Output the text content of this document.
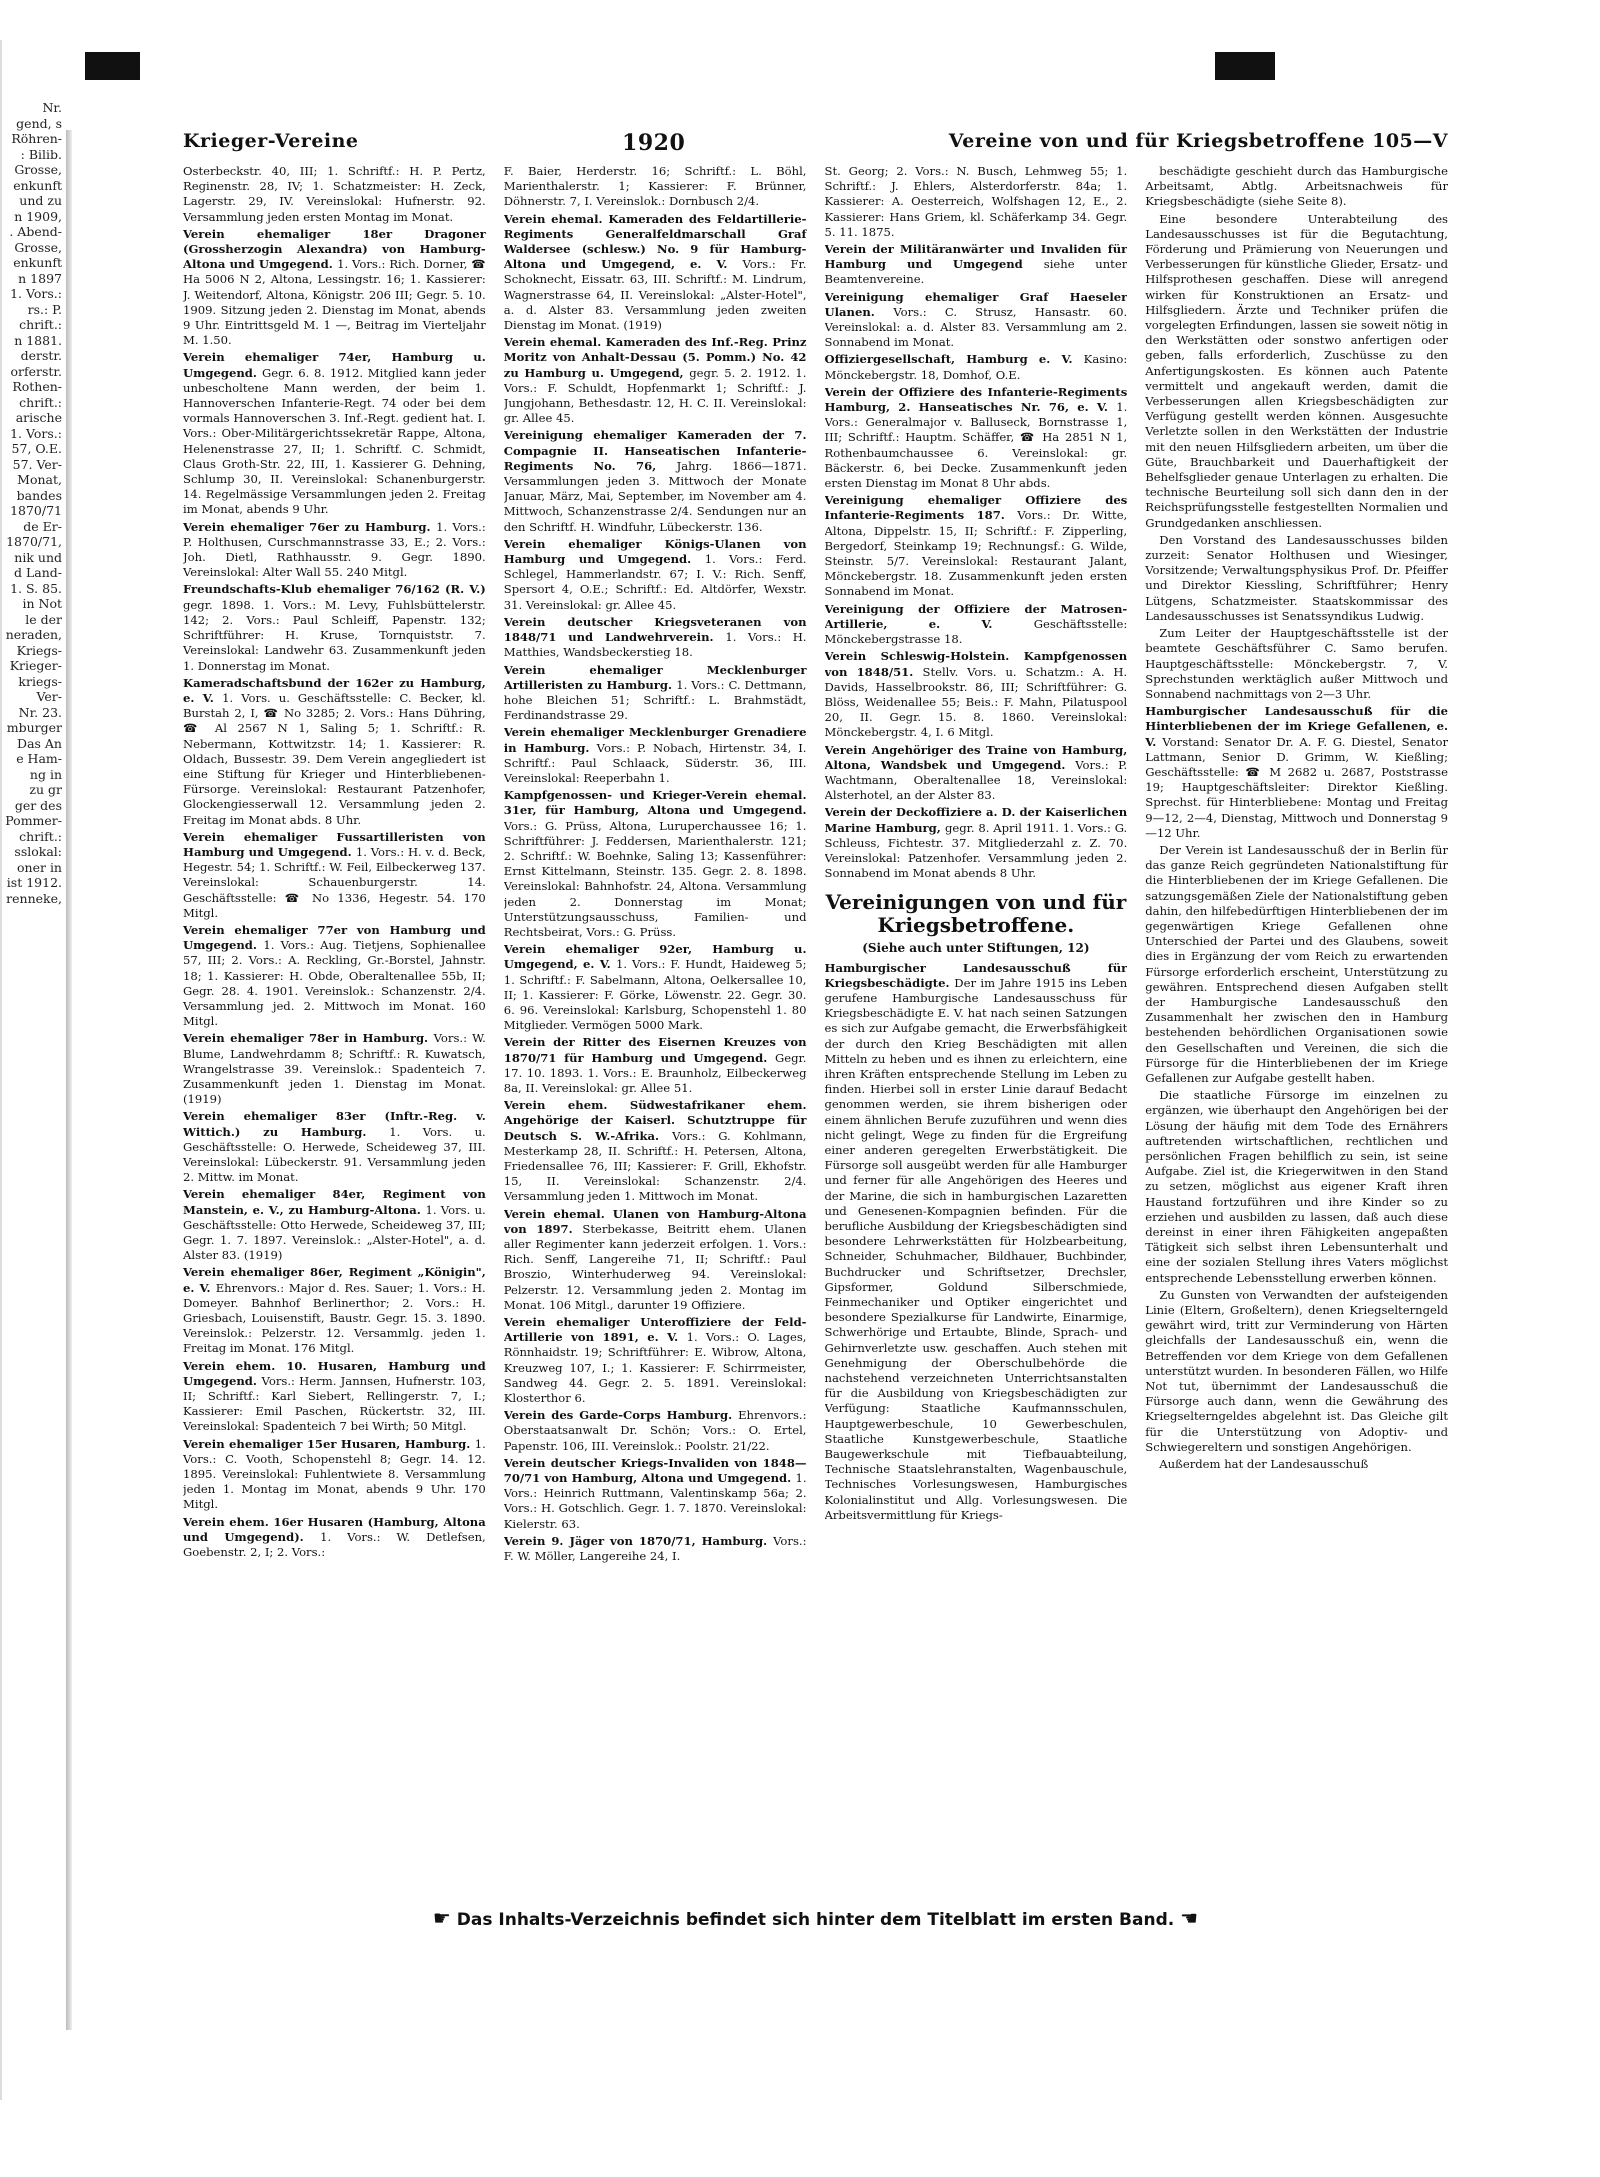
Nr.
gend, s
Röhren-
: Bilib.
Grosse,
enkunft
und zu
n 1909,
. Abend-
Grosse,
enkunft
n 1897
1. Vors.:
rs.: P.
chrift.:
n 1881.
derstr.
orferstr.
Rothen-
chrift.:
arische
1. Vors.:
57, O.E.
57. Ver-
Monat,
bandes
1870/71
de Er-
1870/71,
nik und
d Land-
1. S. 85.
in Not
le der
neraden,
Kriegs-
Krieger-
kriegs-
Ver-
Nr. 23.
mburger
Das An
e Ham-
ng in
zu gr
ger des
Pommer-
chrift.:
sslokal:
oner in
ist 1912.
renneke,
Krieger-Vereine	1920	Vereine von und für Kriegsbetroffene 105—V
Osterbeckstr. 40, III; 1. Schriftf.: H. P. Pertz, Reginenstr. 28, IV; 1. Schatzmeister: H. Zeck, Lagerstr. 29, IV. Vereinslokal: Hufnerstr. 92. Versammlung jeden ersten Montag im Monat.
Verein ehemaliger 18er Dragoner (Grossherzogin Alexandra) von Hamburg-Altona und Umgegend. 1. Vors.: Rich. Dorner, ☎ Ha 5006 N 2, Altona, Lessingstr. 16; 1. Kassierer: J. Weitendorf, Altona, Königstr. 206 III; Gegr. 5. 10. 1909. Sitzung jeden 2. Dienstag im Monat, abends 9 Uhr. Eintrittsgeld M. 1 —, Beitrag im Vierteljahr M. 1.50.
Verein ehemaliger 74er, Hamburg u. Umgegend. Gegr. 6. 8. 1912. Mitglied kann jeder unbescholtene Mann werden, der beim 1. Hannoverschen Infanterie-Regt. 74 oder bei dem vormals Hannoverschen 3. Inf.-Regt. gedient hat. I. Vors.: Ober-Militärgerichtssekretär Rappe, Altona, Helenenstrasse 27, II; 1. Schriftf. C. Schmidt, Claus Groth-Str. 22, III, 1. Kassierer G. Dehning, Schlump 30, II. Vereinslokal: Schanenburgerstr. 14. Regelmässige Versammlungen jeden 2. Freitag im Monat, abends 9 Uhr.
Verein ehemaliger 76er zu Hamburg. 1. Vors.: P. Holthusen, Curschmannstrasse 33, E.; 2. Vors.: Joh. Dietl, Rathhausstr. 9. Gegr. 1890. Vereinslokal: Alter Wall 55. 240 Mitgl.
Freundschafts-Klub ehemaliger 76/162 (R. V.) gegr. 1898. 1. Vors.: M. Levy, Fuhlsbüttelerstr. 142; 2. Vors.: Paul Schleiff, Papenstr. 132; Schriftführer: H. Kruse, Tornquiststr. 7. Vereinslokal: Landwehr 63. Zusammenkunft jeden 1. Donnerstag im Monat.
Kameradschaftsbund der 162er zu Hamburg, e. V. 1. Vors. u. Geschäftsstelle: C. Becker, kl. Burstah 2, I, ☎ No 3285; 2. Vors.: Hans Dühring, ☎ Al 2567 N 1, Saling 5; 1. Schriftf.: R. Nebermann, Kottwitzstr. 14; 1. Kassierer: R. Oldach, Bussestr. 39. Dem Verein angegliedert ist eine Stiftung für Krieger und Hinterbliebenen-Fürsorge. Vereinslokal: Restaurant Patzenhofer, Glockengiesserwall 12. Versammlung jeden 2. Freitag im Monat abds. 8 Uhr.
Verein ehemaliger Fussartilleristen von Hamburg und Umgegend. 1. Vors.: H. v. d. Beck, Hegestr. 54; 1. Schriftf.: W. Feil, Eilbeckerweg 137. Vereinslokal: Schauenburgerstr. 14. Geschäftsstelle: ☎ No 1336, Hegestr. 54. 170 Mitgl.
Verein ehemaliger 77er von Hamburg und Umgegend. 1. Vors.: Aug. Tietjens, Sophienallee 57, III; 2. Vors.: A. Reckling, Gr.-Borstel, Jahnstr. 18; 1. Kassierer: H. Obde, Oberaltenallee 55b, II; Gegr. 28. 4. 1901. Vereinslok.: Schanzenstr. 2/4. Versammlung jed. 2. Mittwoch im Monat. 160 Mitgl.
Verein ehemaliger 78er in Hamburg. Vors.: W. Blume, Landwehrdamm 8; Schriftf.: R. Kuwatsch, Wrangelstrasse 39. Vereinslok.: Spadenteich 7. Zusammenkunft jeden 1. Dienstag im Monat. (1919)
Verein ehemaliger 83er (Inftr.-Reg. v. Wittich.) zu Hamburg. 1. Vors. u. Geschäftsstelle: O. Herwede, Scheideweg 37, III. Vereinslokal: Lübeckerstr. 91. Versammlung jeden 2. Mittw. im Monat.
Verein ehemaliger 84er, Regiment von Manstein, e. V., zu Hamburg-Altona. 1. Vors. u. Geschäftsstelle: Otto Herwede, Scheideweg 37, III; Gegr. 1. 7. 1897. Vereinslok.: „Alster-Hotel", a. d. Alster 83. (1919)
Verein ehemaliger 86er, Regiment „Königin", e. V. Ehrenvors.: Major d. Res. Sauer; 1. Vors.: H. Domeyer. Bahnhof Berlinerthor; 2. Vors.: H. Griesbach, Louisenstift, Baustr. Gegr. 15. 3. 1890. Vereinslok.: Pelzerstr. 12. Versammlg. jeden 1. Freitag im Monat. 176 Mitgl.
Verein ehem. 10. Husaren, Hamburg und Umgegend. Vors.: Herm. Jannsen, Hufnerstr. 103, II; Schriftf.: Karl Siebert, Rellingerstr. 7, I.; Kassierer: Emil Paschen, Rückertstr. 32, III. Vereinslokal: Spadenteich 7 bei Wirth; 50 Mitgl.
Verein ehemaliger 15er Husaren, Hamburg. 1. Vors.: C. Vooth, Schopenstehl 8; Gegr. 14. 12. 1895. Vereinslokal: Fuhlentwiete 8. Versammlung jeden 1. Montag im Monat, abends 9 Uhr. 170 Mitgl.
Verein ehem. 16er Husaren (Hamburg, Altona und Umgegend). 1. Vors.: W. Detlefsen, Goebenstr. 2, I; 2. Vors.:
F. Baier, Herderstr. 16; Schriftf.: L. Böhl, Marienthalerstr. 1; Kassierer: F. Brünner, Döhnerstr. 7, I. Vereinslok.: Dornbusch 2/4.
Verein ehemal. Kameraden des Feldartillerie-Regiments Generalfeldmarschall Graf Waldersee (schlesw.) No. 9 für Hamburg-Altona und Umgegend, e. V. Vors.: Fr. Schoknecht, Eissatr. 63, III. Schriftf.: M. Lindrum, Wagnerstrasse 64, II. Vereinslokal: „Alster-Hotel", a. d. Alster 83. Versammlung jeden zweiten Dienstag im Monat. (1919)
Verein ehemal. Kameraden des Inf.-Reg. Prinz Moritz von Anhalt-Dessau (5. Pomm.) No. 42 zu Hamburg u. Umgegend, gegr. 5. 2. 1912. 1. Vors.: F. Schuldt, Hopfenmarkt 1; Schriftf.: J. Jungjohann, Bethesdastr. 12, H. C. II. Vereinslokal: gr. Allee 45.
Vereinigung ehemaliger Kameraden der 7. Compagnie II. Hanseatischen Infanterie-Regiments No. 76, Jahrg. 1866—1871. Versammlungen jeden 3. Mittwoch der Monate Januar, März, Mai, September, im November am 4. Mittwoch, Schanzenstrasse 2/4. Sendungen nur an den Schriftf. H. Windfuhr, Lübeckerstr. 136.
Verein ehemaliger Königs-Ulanen von Hamburg und Umgegend. 1. Vors.: Ferd. Schlegel, Hammerlandstr. 67; I. V.: Rich. Senff, Spersort 4, O.E.; Schriftf.: Ed. Altdörfer, Wexstr. 31. Vereinslokal: gr. Allee 45.
Verein deutscher Kriegsveteranen von 1848/71 und Landwehrverein. 1. Vors.: H. Matthies, Wandsbeckerstieg 18.
Verein ehemaliger Mecklenburger Artilleristen zu Hamburg. 1. Vors.: C. Dettmann, hohe Bleichen 51; Schriftf.: L. Brahmstädt, Ferdinandstrasse 29.
Verein ehemaliger Mecklenburger Grenadiere in Hamburg. Vors.: P. Nobach, Hirtenstr. 34, I. Schriftf.: Paul Schlaack, Süderstr. 36, III. Vereinslokal: Reeperbahn 1.
Kampfgenossen- und Krieger-Verein ehemal. 31er, für Hamburg, Altona und Umgegend. Vors.: G. Prüss, Altona, Luruperchaussee 16; 1. Schriftführer: J. Feddersen, Marienthalerstr. 121; 2. Schriftf.: W. Boehnke, Saling 13; Kassenführer: Ernst Kittelmann, Steinstr. 135. Gegr. 2. 8. 1898. Vereinslokal: Bahnhofstr. 24, Altona. Versammlung jeden 2. Donnerstag im Monat; Unterstützungsausschuss, Familien- und Rechtsbeirat, Vors.: G. Prüss.
Verein ehemaliger 92er, Hamburg u. Umgegend, e. V. 1. Vors.: F. Hundt, Haideweg 5; 1. Schriftf.: F. Sabelmann, Altona, Oelkersallee 10, II; 1. Kassierer: F. Görke, Löwenstr. 22. Gegr. 30. 6. 96. Vereinslokal: Karlsburg, Schopenstehl 1. 80 Mitglieder. Vermögen 5000 Mark.
Verein der Ritter des Eisernen Kreuzes von 1870/71 für Hamburg und Umgegend. Gegr. 17. 10. 1893. 1. Vors.: E. Braunholz, Eilbeckerweg 8a, II. Vereinslokal: gr. Allee 51.
Verein ehem. Südwestafrikaner ehem. Angehörige der Kaiserl. Schutztruppe für Deutsch S. W.-Afrika. Vors.: G. Kohlmann, Mesterkamp 28, II. Schriftf.: H. Petersen, Altona, Friedensallee 76, III; Kassierer: F. Grill, Ekhofstr. 15, II. Vereinslokal: Schanzenstr. 2/4. Versammlung jeden 1. Mittwoch im Monat.
Verein ehemal. Ulanen von Hamburg-Altona von 1897. Sterbekasse, Beitritt ehem. Ulanen aller Regimenter kann jederzeit erfolgen. 1. Vors.: Rich. Senff, Langereihe 71, II; Schriftf.: Paul Broszio, Winterhuderweg 94. Vereinslokal: Pelzerstr. 12. Versammlung jeden 2. Montag im Monat. 106 Mitgl., darunter 19 Offiziere.
Verein ehemaliger Unteroffiziere der Feld-Artillerie von 1891, e. V. 1. Vors.: O. Lages, Rönnhaidstr. 19; Schriftführer: E. Wibrow, Altona, Kreuzweg 107, I.; 1. Kassierer: F. Schirrmeister, Sandweg 44. Gegr. 2. 5. 1891. Vereinslokal: Klosterthor 6.
Verein des Garde-Corps Hamburg. Ehrenvors.: Oberstaatsanwalt Dr. Schön; Vors.: O. Ertel, Papenstr. 106, III. Vereinslok.: Poolstr. 21/22.
Verein deutscher Kriegs-Invaliden von 1848—70/71 von Hamburg, Altona und Umgegend. 1. Vors.: Heinrich Ruttmann, Valentinskamp 56a; 2. Vors.: H. Gotschlich. Gegr. 1. 7. 1870. Vereinslokal: Kielerstr. 63.
Verein 9. Jäger von 1870/71, Hamburg. Vors.: F. W. Möller, Langereihe 24, I.
St. Georg; 2. Vors.: N. Busch, Lehmweg 55; 1. Schriftf.: J. Ehlers, Alsterdorferstr. 84a; 1. Kassierer: A. Oesterreich, Wolfshagen 12, E., 2. Kassierer: Hans Griem, kl. Schäferkamp 34. Gegr. 5. 11. 1875.
Verein der Militäranwärter und Invaliden für Hamburg und Umgegend siehe unter Beamtenvereine.
Vereinigung ehemaliger Graf Haeseler Ulanen. Vors.: C. Strusz, Hansastr. 60. Vereinslokal: a. d. Alster 83. Versammlung am 2. Sonnabend im Monat.
Offiziergesellschaft, Hamburg e. V. Kasino: Mönckebergstr. 18, Domhof, O.E.
Verein der Offiziere des Infanterie-Regiments Hamburg, 2. Hanseatisches Nr. 76, e. V. 1. Vors.: Generalmajor v. Balluseck, Bornstrasse 1, III; Schriftf.: Hauptm. Schäffer, ☎ Ha 2851 N 1, Rothenbaumchaussee 6. Vereinslokal: gr. Bäckerstr. 6, bei Decke. Zusammenkunft jeden ersten Dienstag im Monat 8 Uhr abds.
Vereinigung ehemaliger Offiziere des Infanterie-Regiments 187. Vors.: Dr. Witte, Altona, Dippelstr. 15, II; Schriftf.: F. Zipperling, Bergedorf, Steinkamp 19; Rechnungsf.: G. Wilde, Steinstr. 5/7. Vereinslokal: Restaurant Jalant, Mönckebergstr. 18. Zusammenkunft jeden ersten Sonnabend im Monat.
Vereinigung der Offiziere der Matrosen-Artillerie, e. V. Geschäftsstelle: Mönckebergstrasse 18.
Verein Schleswig-Holstein. Kampfgenossen von 1848/51. Stellv. Vors. u. Schatzm.: A. H. Davids, Hasselbrookstr. 86, III; Schriftführer: G. Blöss, Weidenallee 55; Beis.: F. Mahn, Pilatuspool 20, II. Gegr. 15. 8. 1860. Vereinslokal: Mönckebergstr. 4, I. 6 Mitgl.
Verein Angehöriger des Traine von Hamburg, Altona, Wandsbek und Umgegend. Vors.: P. Wachtmann, Oberaltenallee 18, Vereinslokal: Alsterhotel, an der Alster 83.
Verein der Deckoffiziere a. D. der Kaiserlichen Marine Hamburg, gegr. 8. April 1911. 1. Vors.: G. Schleuss, Fichtestr. 37. Mitgliederzahl z. Z. 70. Vereinslokal: Patzenhofer. Versammlung jeden 2. Sonnabend im Monat abends 8 Uhr.
Vereinigungen von und für Kriegsbetroffene.
(Siehe auch unter Stiftungen, 12)
Hamburgischer Landesausschuß für Kriegsbeschädigte. Der im Jahre 1915 ins Leben gerufene Hamburgische Landesausschuss für Kriegsbeschädigte E. V. hat nach seinen Satzungen es sich zur Aufgabe gemacht, die Erwerbsfähigkeit der durch den Krieg Beschädigten mit allen Mitteln zu heben und es ihnen zu erleichtern, eine ihren Kräften entsprechende Stellung im Leben zu finden. Hierbei soll in erster Linie darauf Bedacht genommen werden, sie ihrem bisherigen oder einem ähnlichen Berufe zuzuführen und wenn dies nicht gelingt, Wege zu finden für die Ergreifung einer anderen geregelten Erwerbstätigkeit. Die Fürsorge soll ausgeübt werden für alle Hamburger und ferner für alle Angehörigen des Heeres und der Marine, die sich in hamburgischen Lazaretten und Genesenen-Kompagnien befinden. Für die berufliche Ausbildung der Kriegsbeschädigten sind besondere Lehrwerkstätten für Holzbearbeitung, Schneider, Schuhmacher, Bildhauer, Buchbinder, Buchdrucker und Schriftsetzer, Drechsler, Gipsformer, Goldund Silberschmiede, Feinmechaniker und Optiker eingerichtet und besondere Spezialkurse für Landwirte, Einarmige, Schwerhörige und Ertaubte, Blinde, Sprach- und Gehirnverletzte usw. geschaffen. Auch stehen mit Genehmigung der Oberschulbehörde die nachstehend verzeichneten Unterrichtsanstalten für die Ausbildung von Kriegsbeschädigten zur Verfügung: Staatliche Kaufmannsschulen, Hauptgewerbeschule, 10 Gewerbeschulen, Staatliche Kunstgewerbeschule, Staatliche Baugewerkschule mit Tiefbauabteilung, Technische Staatslehranstalten, Wagenbauschule, Technisches Vorlesungswesen, Hamburgisches Kolonialinstitut und Allg. Vorlesungswesen. Die Arbeitsvermittlung für Kriegs-
beschädigte geschieht durch das Hamburgische Arbeitsamt, Abtlg. Arbeitsnachweis für Kriegsbeschädigte (siehe Seite 8).
Eine besondere Unterabteilung des Landesausschusses ist für die Begutachtung, Förderung und Prämierung von Neuerungen und Verbesserungen für künstliche Glieder, Ersatz- und Hilfsprothesen geschaffen. Diese will anregend wirken für Konstruktionen an Ersatz- und Hilfsgliedern. Ärzte und Techniker prüfen die vorgelegten Erfindungen, lassen sie soweit nötig in den Werkstätten oder sonstwo anfertigen oder geben, falls erforderlich, Zuschüsse zu den Anfertigungskosten. Es können auch Patente vermittelt und angekauft werden, damit die Verbesserungen allen Kriegsbeschädigten zur Verfügung gestellt werden können. Ausgesuchte Verletzte sollen in den Werkstätten der Industrie mit den neuen Hilfsgliedern arbeiten, um über die Güte, Brauchbarkeit und Dauerhaftigkeit der Behelfsglieder genaue Unterlagen zu erhalten. Die technische Beurteilung soll sich dann den in der Reichsprüfungsstelle festgestellten Normalien und Grundgedanken anschliessen.
Den Vorstand des Landesausschusses bilden zurzeit: Senator Holthusen und Wiesinger, Vorsitzende; Verwaltungsphysikus Prof. Dr. Pfeiffer und Direktor Kiessling, Schriftführer; Henry Lütgens, Schatzmeister. Staatskommissar des Landesausschusses ist Senatssyndikus Ludwig.
Zum Leiter der Hauptgeschäftsstelle ist der beamtete Geschäftsführer C. Samo berufen. Hauptgeschäftsstelle: Mönckebergstr. 7, V. Sprechstunden werktäglich außer Mittwoch und Sonnabend nachmittags von 2—3 Uhr.
Hamburgischer Landesausschuß für die Hinterbliebenen der im Kriege Gefallenen, e. V. Vorstand: Senator Dr. A. F. G. Diestel, Senator Lattmann, Senior D. Grimm, W. Kießling; Geschäftsstelle: ☎ M 2682 u. 2687, Poststrasse 19; Hauptgeschäftsleiter: Direktor Kießling. Sprechst. für Hinterbliebene: Montag und Freitag 9—12, 2—4, Dienstag, Mittwoch und Donnerstag 9—12 Uhr.
Der Verein ist Landesausschuß der in Berlin für das ganze Reich gegründeten Nationalstiftung für die Hinterbliebenen der im Kriege Gefallenen. Die satzungsgemäßen Ziele der Nationalstiftung geben dahin, den hilfebedürftigen Hinterbliebenen der im gegenwärtigen Kriege Gefallenen ohne Unterschied der Partei und des Glaubens, soweit dies in Ergänzung der vom Reich zu erwartenden Fürsorge erforderlich erscheint, Unterstützung zu gewähren. Entsprechend diesen Aufgaben stellt der Hamburgische Landesausschuß den Zusammenhalt her zwischen den in Hamburg bestehenden behördlichen Organisationen sowie den Gesellschaften und Vereinen, die sich die Fürsorge für die Hinterbliebenen der im Kriege Gefallenen zur Aufgabe gestellt haben.
Die staatliche Fürsorge im einzelnen zu ergänzen, wie überhaupt den Angehörigen bei der Lösung der häufig mit dem Tode des Ernährers auftretenden wirtschaftlichen, rechtlichen und persönlichen Fragen behilflich zu sein, ist seine Aufgabe. Ziel ist, die Kriegerwitwen in den Stand zu setzen, möglichst aus eigener Kraft ihren Haustand fortzuführen und ihre Kinder so zu erziehen und ausbilden zu lassen, daß auch diese dereinst in einer ihren Fähigkeiten angepaßten Tätigkeit sich selbst ihren Lebensunterhalt und eine der sozialen Stellung ihres Vaters möglichst entsprechende Lebensstellung erwerben können.
Zu Gunsten von Verwandten der aufsteigenden Linie (Eltern, Großeltern), denen Kriegselterngeld gewährt wird, tritt zur Verminderung von Härten gleichfalls der Landesausschuß ein, wenn die Betreffenden vor dem Kriege von dem Gefallenen unterstützt wurden. In besonderen Fällen, wo Hilfe Not tut, übernimmt der Landesausschuß die Fürsorge auch dann, wenn die Gewährung des Kriegselterngeldes abgelehnt ist. Das Gleiche gilt für die Unterstützung von Adoptiv- und Schwiegereltern und sonstigen Angehörigen.
Außerdem hat der Landesausschuß
☛ Das Inhalts-Verzeichnis befindet sich hinter dem Titelblatt im ersten Band. ☚
